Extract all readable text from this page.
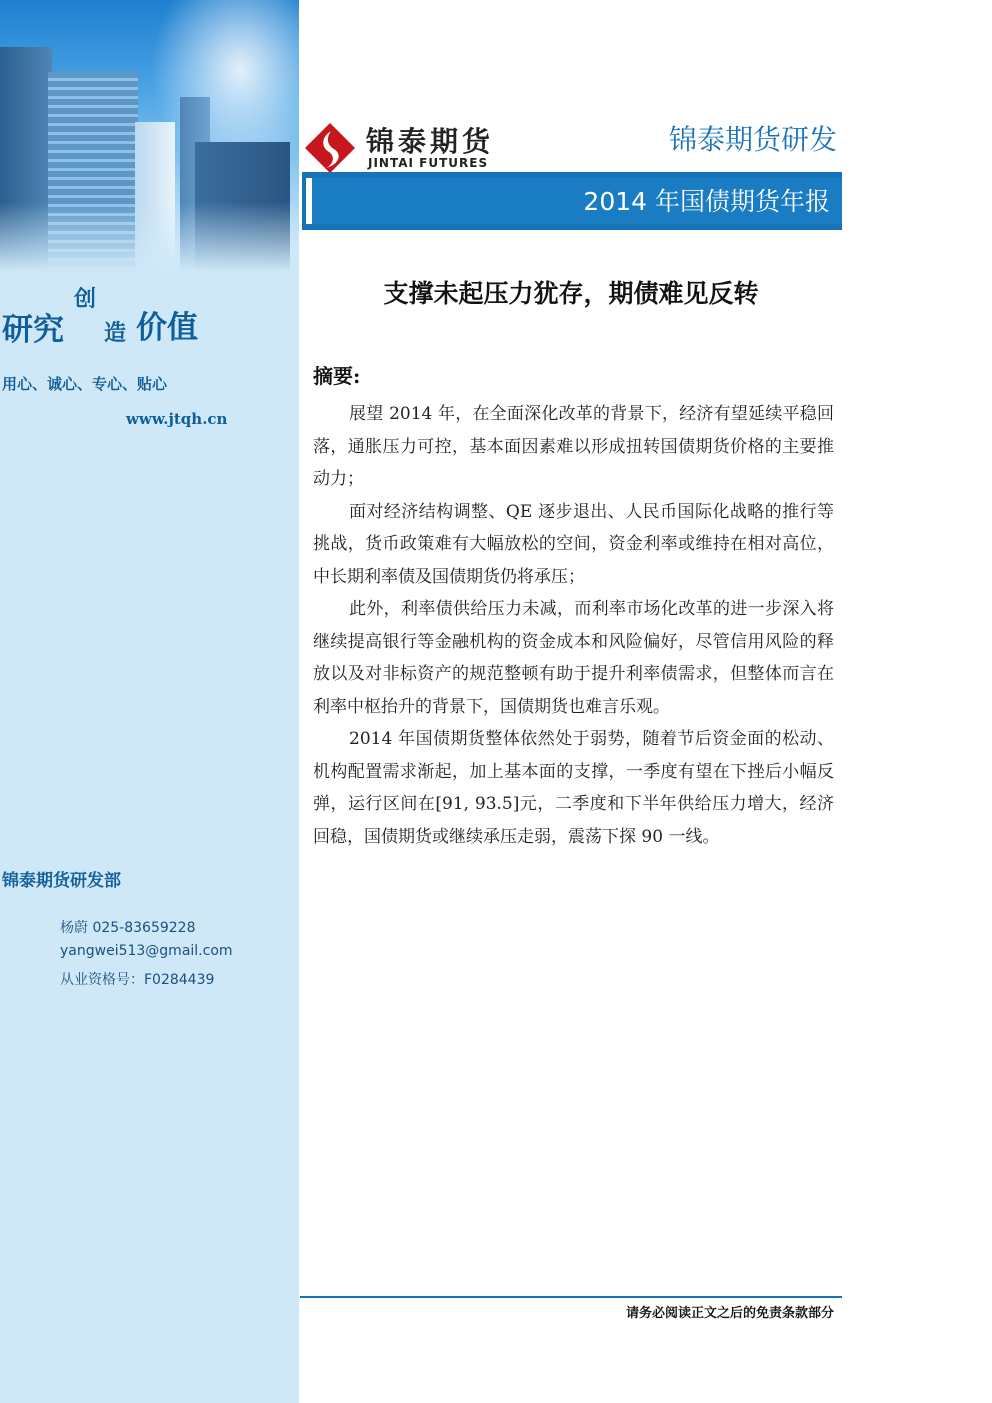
研究
创
造 价值
用心、诚心、专心、贴心
www.jtqh.cn
锦泰期货研发部
杨蔚 025-83659228
yangwei513@gmail.com
从业资格号：F0284439
锦泰期货
JINTAI FUTURES
锦泰期货研发
2014 年国债期货年报
支撑未起压力犹存，期债难见反转
摘要:

展望 2014 年，在全面深化改革的背景下，经济有望延续平稳回落，通胀压力可控，基本面因素难以形成扭转国债期货价格的主要推动力；

面对经济结构调整、QE 逐步退出、人民币国际化战略的推行等挑战，货币政策难有大幅放松的空间，资金利率或维持在相对高位，中长期利率债及国债期货仍将承压；

此外，利率债供给压力未减，而利率市场化改革的进一步深入将继续提高银行等金融机构的资金成本和风险偏好，尽管信用风险的释放以及对非标资产的规范整顿有助于提升利率债需求，但整体而言在利率中枢抬升的背景下，国债期货也难言乐观。

2014 年国债期货整体依然处于弱势，随着节后资金面的松动、机构配置需求渐起，加上基本面的支撑，一季度有望在下挫后小幅反弹，运行区间在[91, 93.5]元，二季度和下半年供给压力增大，经济回稳，国债期货或继续承压走弱，震荡下探 90 一线。

请务必阅读正文之后的免责条款部分
